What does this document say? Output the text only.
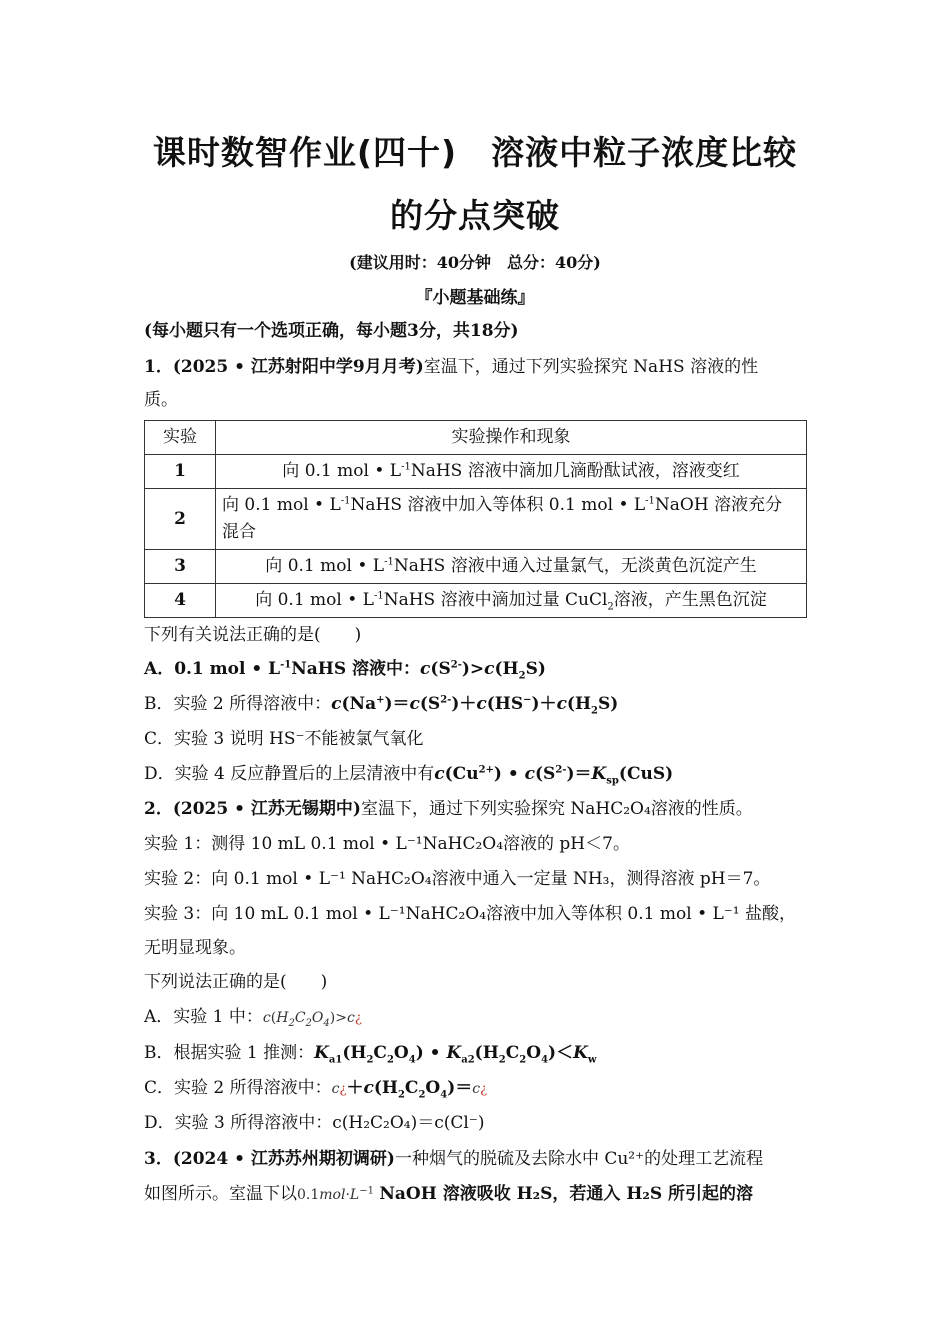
课时数智作业(四十)　溶液中粒子浓度比较
的分点突破
(建议用时：40分钟　总分：40分)
『小题基础练』
(每小题只有一个选项正确，每小题3分，共18分)
1．(2025 • 江苏射阳中学9月月考)室温下，通过下列实验探究 NaHS 溶液的性
质。
实验	实验操作和现象
1	向 0.1 mol • $L^{-1}NaHS$ 溶液中滴加几滴酚酞试液，溶液变红
2	向 0.1 mol • $L^{-1}NaHS$ 溶液中加入等体积 0.1 mol • $L^{-1}NaOH$ 溶液充分
混合
3	向 0.1 mol • $L^{-1}NaHS$ 溶液中通入过量氯气，无淡黄色沉淀产生
4	向 0.1 mol • $L^{-1}NaHS$ 溶液中滴加过量 CuCl$_2$溶液，产生黑色沉淀
下列有关说法正确的是(　　)
A．0.1 mol • $L^{-1}NaHS$ 溶液中：$c(S^{2-})>c(H_2S)$
B．实验 2 所得溶液中：$c(Na^+)=c(S^{2-})+c(HS^-)+c(H_2S)$
C．实验 3 说明 HS⁻不能被氯气氧化
D．实验 4 反应静置后的上层清液中有$c(Cu^{2+})$ • $c(S^{2-})=K_{sp}(CuS)$
2．(2025 • 江苏无锡期中)室温下，通过下列实验探究 NaHC₂O₄溶液的性质。
实验 1：测得 10 mL 0.1 mol • L⁻¹NaHC₂O₄溶液的 pH＜7。
实验 2：向 0.1 mol • L⁻¹ NaHC₂O₄溶液中通入一定量 NH₃，测得溶液 pH＝7。
实验 3：向 10 mL 0.1 mol • L⁻¹NaHC₂O₄溶液中加入等体积 0.1 mol • L⁻¹ 盐酸，
无明显现象。
下列说法正确的是(　　)
A．实验 1 中：$c(H_2C_2O_4)>c¿$
B．根据实验 1 推测：$K_{a1}(H_2C_2O_4)$ • $K_{a2}(H_2C_2O_4)<K_w$
C．实验 2 所得溶液中：$c¿+c(H_2C_2O_4)=c¿$
D．实验 3 所得溶液中：c(H₂C₂O₄)＝c(Cl⁻)
3．(2024 • 江苏苏州期初调研)一种烟气的脱硫及去除水中 Cu²⁺的处理工艺流程
如图所示。室温下以$0.1mol\cdot L^{-1}$ NaOH 溶液吸收 H₂S，若通入 H₂S 所引起的溶
